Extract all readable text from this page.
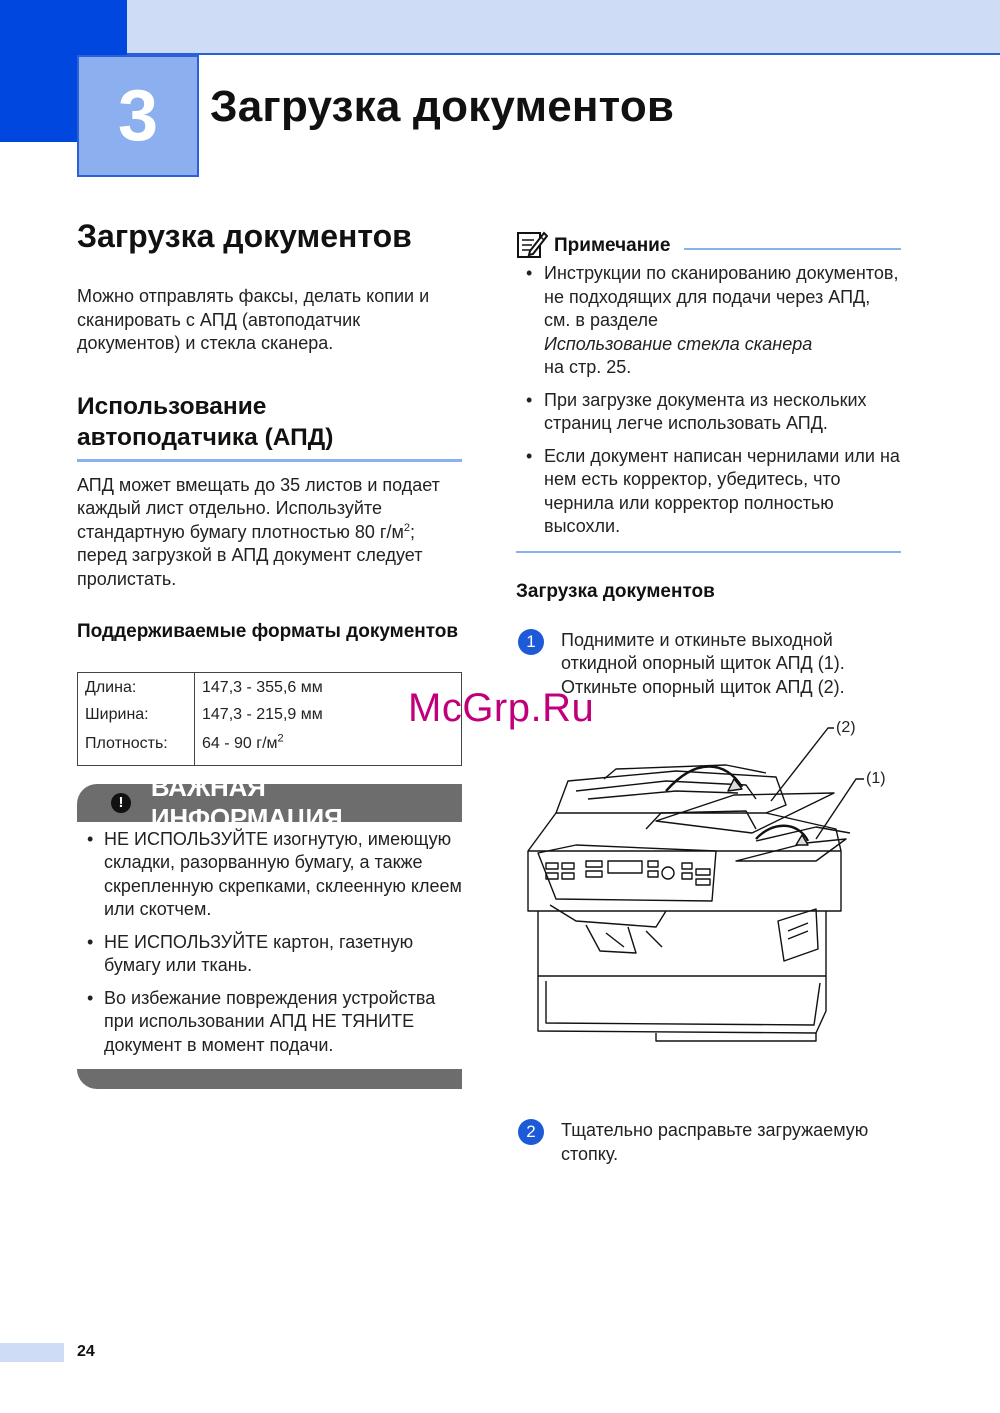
3	Загрузка документов
Загрузка документов

Можно отправлять факсы, делать копии и сканировать с АПД (автоподатчик документов) и стекла сканера.

Использование
автоподатчика (АПД)

АПД может вмещать до 35 листов и подает каждый лист отдельно. Используйте стандартную бумагу плотностью 80 $г/м^2$; перед загрузкой в АПД документ следует пролистать.

Поддерживаемые форматы документов
Длина:	147,3 - 355,6 мм
Ширина:	147,3 - 215,9 мм
Плотность:	64 - 90 $г/м^2$
!
ВАЖНАЯ ИНФОРМАЦИЯ
• НЕ ИСПОЛЬЗУЙТЕ изогнутую, имеющую складки, разорванную бумагу, а также скрепленную скрепками, склеенную клеем или скотчем.
• НЕ ИСПОЛЬЗУЙТЕ картон, газетную бумагу или ткань.
• Во избежание повреждения устройства при использовании АПД НЕ ТЯНИТЕ документ в момент подачи.
Примечание
• Инструкции по сканированию документов, не подходящих для подачи через АПД, см. в разделе
Использование стекла сканера
на стр. 25.
• При загрузке документа из нескольких страниц легче использовать АПД.
• Если документ написан чернилами или на нем есть корректор, убедитесь, что чернила или корректор полностью высохли.
Загрузка документов
1	Поднимите и откиньте выходной откидной опорный щиток АПД (1). Откиньте опорный щиток АПД (2).
(2)
(1)
2	Тщательно расправьте загружаемую стопку.
McGrp.Ru
24
